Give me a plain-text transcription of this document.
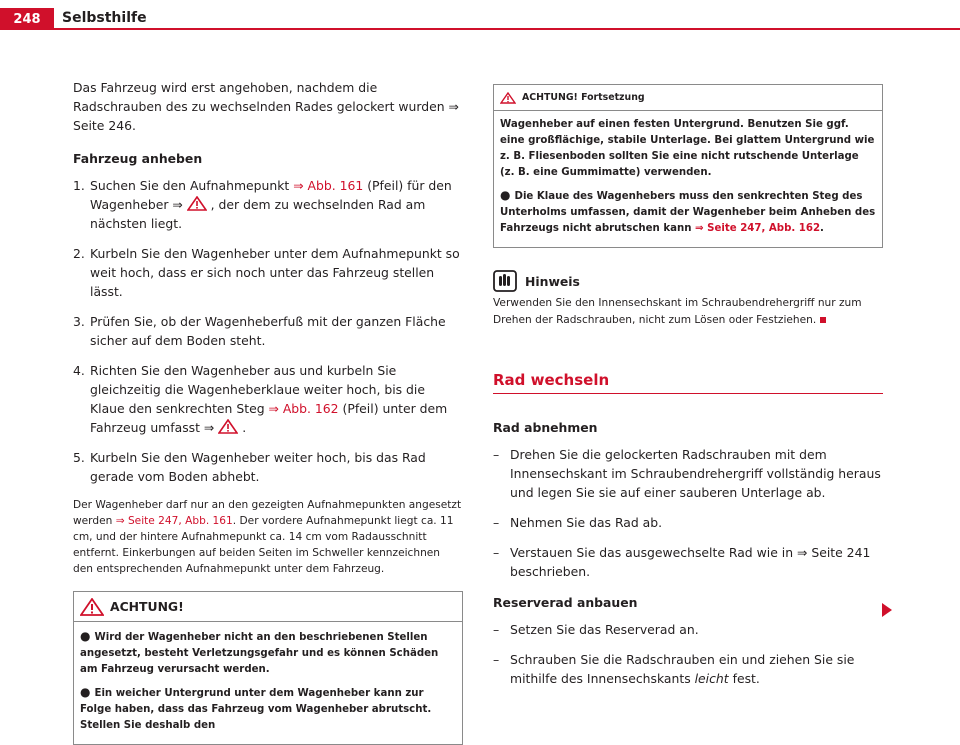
248	Selbsthilfe

Das Fahrzeug wird erst angehoben, nachdem die Radschrauben des zu wechselnden Rades gelockert wurden ⇒ Seite 246.

Fahrzeug anheben

1. Suchen Sie den Aufnahmepunkt ⇒ Abb. 161 (Pfeil) für den Wagenheber ⇒  , der dem zu wechselnden Rad am nächsten liegt.
2. Kurbeln Sie den Wagenheber unter dem Aufnahmepunkt so weit hoch, dass er sich noch unter das Fahrzeug stellen lässt.
3. Prüfen Sie, ob der Wagenheberfuß mit der ganzen Fläche sicher auf dem Boden steht.
4. Richten Sie den Wagenheber aus und kurbeln Sie gleichzeitig die Wagenheberklaue weiter hoch, bis die Klaue den senkrechten Steg ⇒ Abb. 162 (Pfeil) unter dem Fahrzeug umfasst ⇒  .
5. Kurbeln Sie den Wagenheber weiter hoch, bis das Rad gerade vom Boden abhebt.

Der Wagenheber darf nur an den gezeigten Aufnahmepunkten angesetzt werden ⇒ Seite 247, Abb. 161. Der vordere Aufnahmepunkt liegt ca. 11 cm, und der hintere Aufnahmepunkt ca. 14 cm vom Radausschnitt entfernt. Einkerbungen auf beiden Seiten im Schweller kennzeichnen den entsprechenden Aufnahmepunkt unter dem Fahrzeug.

ACHTUNG!

● Wird der Wagenheber nicht an den beschriebenen Stellen angesetzt, besteht Verletzungsgefahr und es können Schäden am Fahrzeug verursacht werden.

● Ein weicher Untergrund unter dem Wagenheber kann zur Folge haben, dass das Fahrzeug vom Wagenheber abrutscht. Stellen Sie deshalb den

ACHTUNG! Fortsetzung

Wagenheber auf einen festen Untergrund. Benutzen Sie ggf. eine großflächige, stabile Unterlage. Bei glattem Untergrund wie z. B. Fliesenboden sollten Sie eine nicht rutschende Unterlage (z. B. eine Gummimatte) verwenden.

● Die Klaue des Wagenhebers muss den senkrechten Steg des Unterholms umfassen, damit der Wagenheber beim Anheben des Fahrzeugs nicht abrutschen kann ⇒ Seite 247, Abb. 162.

Hinweis

Verwenden Sie den Innensechskant im Schraubendrehergriff nur zum Drehen der Radschrauben, nicht zum Lösen oder Festziehen.

Rad wechseln

Rad abnehmen

– Drehen Sie die gelockerten Radschrauben mit dem Innensechskant im Schraubendrehergriff vollständig heraus und legen Sie sie auf einer sauberen Unterlage ab.
– Nehmen Sie das Rad ab.
– Verstauen Sie das ausgewechselte Rad wie in ⇒ Seite 241 beschrieben.

Reserverad anbauen

– Setzen Sie das Reserverad an.
– Schrauben Sie die Radschrauben ein und ziehen Sie sie mithilfe des Innensechskants leicht fest.
